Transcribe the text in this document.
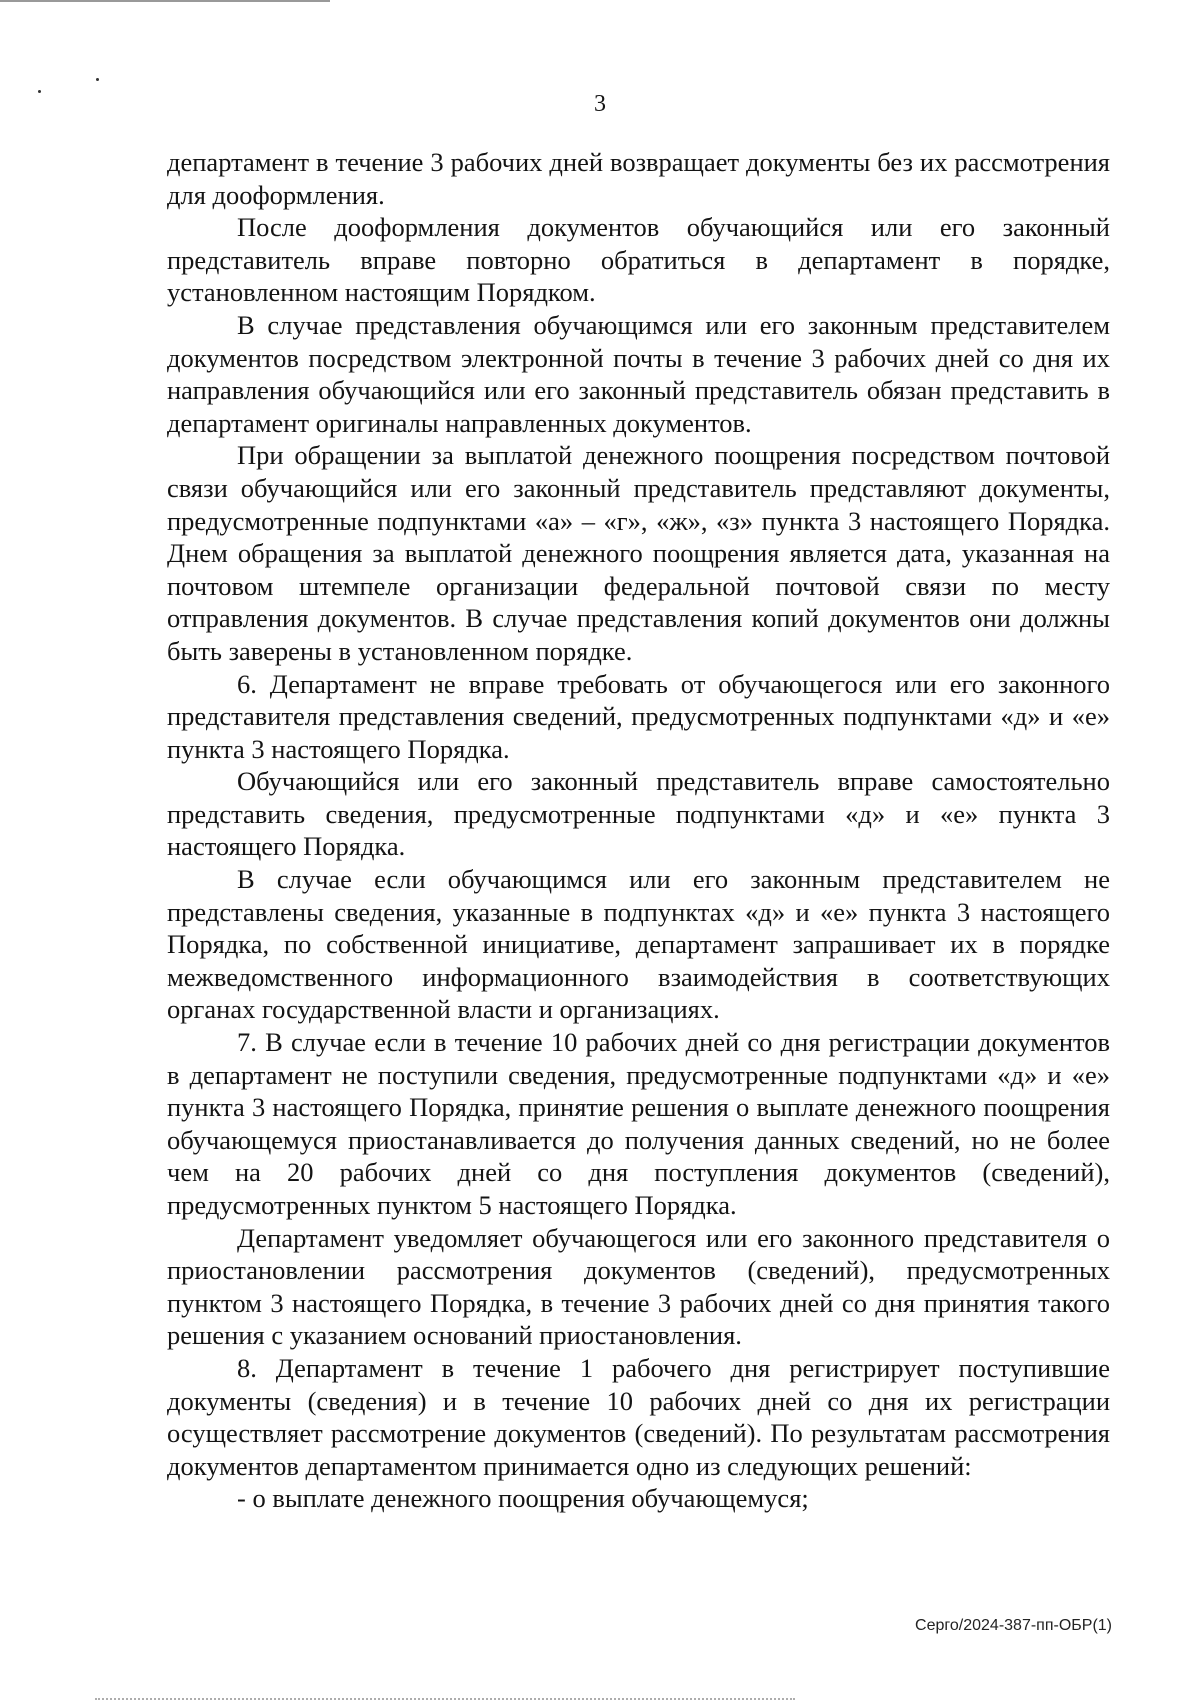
3

департамент в течение 3 рабочих дней возвращает документы без их рассмотрения для дооформления.

После дооформления документов обучающийся или его законный представитель вправе повторно обратиться в департамент в порядке, установленном настоящим Порядком.

В случае представления обучающимся или его законным представителем документов посредством электронной почты в течение 3 рабочих дней со дня их направления обучающийся или его законный представитель обязан представить в департамент оригиналы направленных документов.

При обращении за выплатой денежного поощрения посредством почтовой связи обучающийся или его законный представитель представляют документы, предусмотренные подпунктами «а» – «г», «ж», «з» пункта 3 настоящего Порядка. Днем обращения за выплатой денежного поощрения является дата, указанная на почтовом штемпеле организации федеральной почтовой связи по месту отправления документов. В случае представления копий документов они должны быть заверены в установленном порядке.

6. Департамент не вправе требовать от обучающегося или его законного представителя представления сведений, предусмотренных подпунктами «д» и «е» пункта 3 настоящего Порядка.

Обучающийся или его законный представитель вправе самостоятельно представить сведения, предусмотренные подпунктами «д» и «е» пункта 3 настоящего Порядка.

В случае если обучающимся или его законным представителем не представлены сведения, указанные в подпунктах «д» и «е» пункта 3 настоящего Порядка, по собственной инициативе, департамент запрашивает их в порядке межведомственного информационного взаимодействия в соответствующих органах государственной власти и организациях.

7. В случае если в течение 10 рабочих дней со дня регистрации документов в департамент не поступили сведения, предусмотренные подпунктами «д» и «е» пункта 3 настоящего Порядка, принятие решения о выплате денежного поощрения обучающемуся приостанавливается до получения данных сведений, но не более чем на 20 рабочих дней со дня поступления документов (сведений), предусмотренных пунктом 5 настоящего Порядка.

Департамент уведомляет обучающегося или его законного представителя о приостановлении рассмотрения документов (сведений), предусмотренных пунктом 3 настоящего Порядка, в течение 3 рабочих дней со дня принятия такого решения с указанием оснований приостановления.

8. Департамент в течение 1 рабочего дня регистрирует поступившие документы (сведения) и в течение 10 рабочих дней со дня их регистрации осуществляет рассмотрение документов (сведений). По результатам рассмотрения документов департаментом принимается одно из следующих решений:

- о выплате денежного поощрения обучающемуся;

Серго/2024-387-пп-ОБР(1)
